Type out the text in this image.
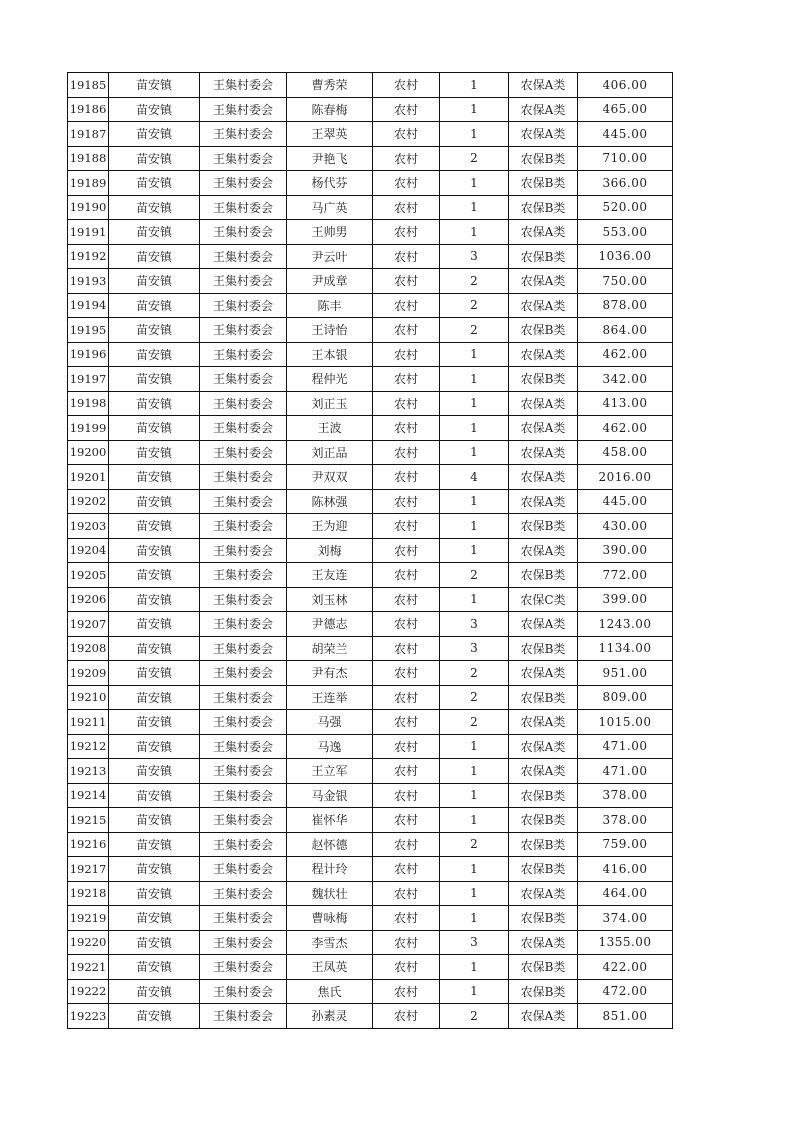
19185	苗安镇	王集村委会	曹秀荣	农村	1	农保A类	406.00
19186	苗安镇	王集村委会	陈春梅	农村	1	农保A类	465.00
19187	苗安镇	王集村委会	王翠英	农村	1	农保A类	445.00
19188	苗安镇	王集村委会	尹艳飞	农村	2	农保B类	710.00
19189	苗安镇	王集村委会	杨代芬	农村	1	农保B类	366.00
19190	苗安镇	王集村委会	马广英	农村	1	农保B类	520.00
19191	苗安镇	王集村委会	王帅男	农村	1	农保A类	553.00
19192	苗安镇	王集村委会	尹云叶	农村	3	农保B类	1036.00
19193	苗安镇	王集村委会	尹成章	农村	2	农保A类	750.00
19194	苗安镇	王集村委会	陈丰	农村	2	农保A类	878.00
19195	苗安镇	王集村委会	王诗怡	农村	2	农保B类	864.00
19196	苗安镇	王集村委会	王本银	农村	1	农保A类	462.00
19197	苗安镇	王集村委会	程仲光	农村	1	农保B类	342.00
19198	苗安镇	王集村委会	刘正玉	农村	1	农保A类	413.00
19199	苗安镇	王集村委会	王波	农村	1	农保A类	462.00
19200	苗安镇	王集村委会	刘正品	农村	1	农保A类	458.00
19201	苗安镇	王集村委会	尹双双	农村	4	农保A类	2016.00
19202	苗安镇	王集村委会	陈林强	农村	1	农保A类	445.00
19203	苗安镇	王集村委会	王为迎	农村	1	农保B类	430.00
19204	苗安镇	王集村委会	刘梅	农村	1	农保A类	390.00
19205	苗安镇	王集村委会	王友连	农村	2	农保B类	772.00
19206	苗安镇	王集村委会	刘玉林	农村	1	农保C类	399.00
19207	苗安镇	王集村委会	尹德志	农村	3	农保A类	1243.00
19208	苗安镇	王集村委会	胡荣兰	农村	3	农保B类	1134.00
19209	苗安镇	王集村委会	尹有杰	农村	2	农保A类	951.00
19210	苗安镇	王集村委会	王连举	农村	2	农保B类	809.00
19211	苗安镇	王集村委会	马强	农村	2	农保A类	1015.00
19212	苗安镇	王集村委会	马逸	农村	1	农保A类	471.00
19213	苗安镇	王集村委会	王立军	农村	1	农保A类	471.00
19214	苗安镇	王集村委会	马金银	农村	1	农保B类	378.00
19215	苗安镇	王集村委会	崔怀华	农村	1	农保B类	378.00
19216	苗安镇	王集村委会	赵怀德	农村	2	农保B类	759.00
19217	苗安镇	王集村委会	程计玲	农村	1	农保B类	416.00
19218	苗安镇	王集村委会	魏状壮	农村	1	农保A类	464.00
19219	苗安镇	王集村委会	曹咏梅	农村	1	农保B类	374.00
19220	苗安镇	王集村委会	李雪杰	农村	3	农保A类	1355.00
19221	苗安镇	王集村委会	王凤英	农村	1	农保B类	422.00
19222	苗安镇	王集村委会	焦氏	农村	1	农保B类	472.00
19223	苗安镇	王集村委会	孙素灵	农村	2	农保A类	851.00
